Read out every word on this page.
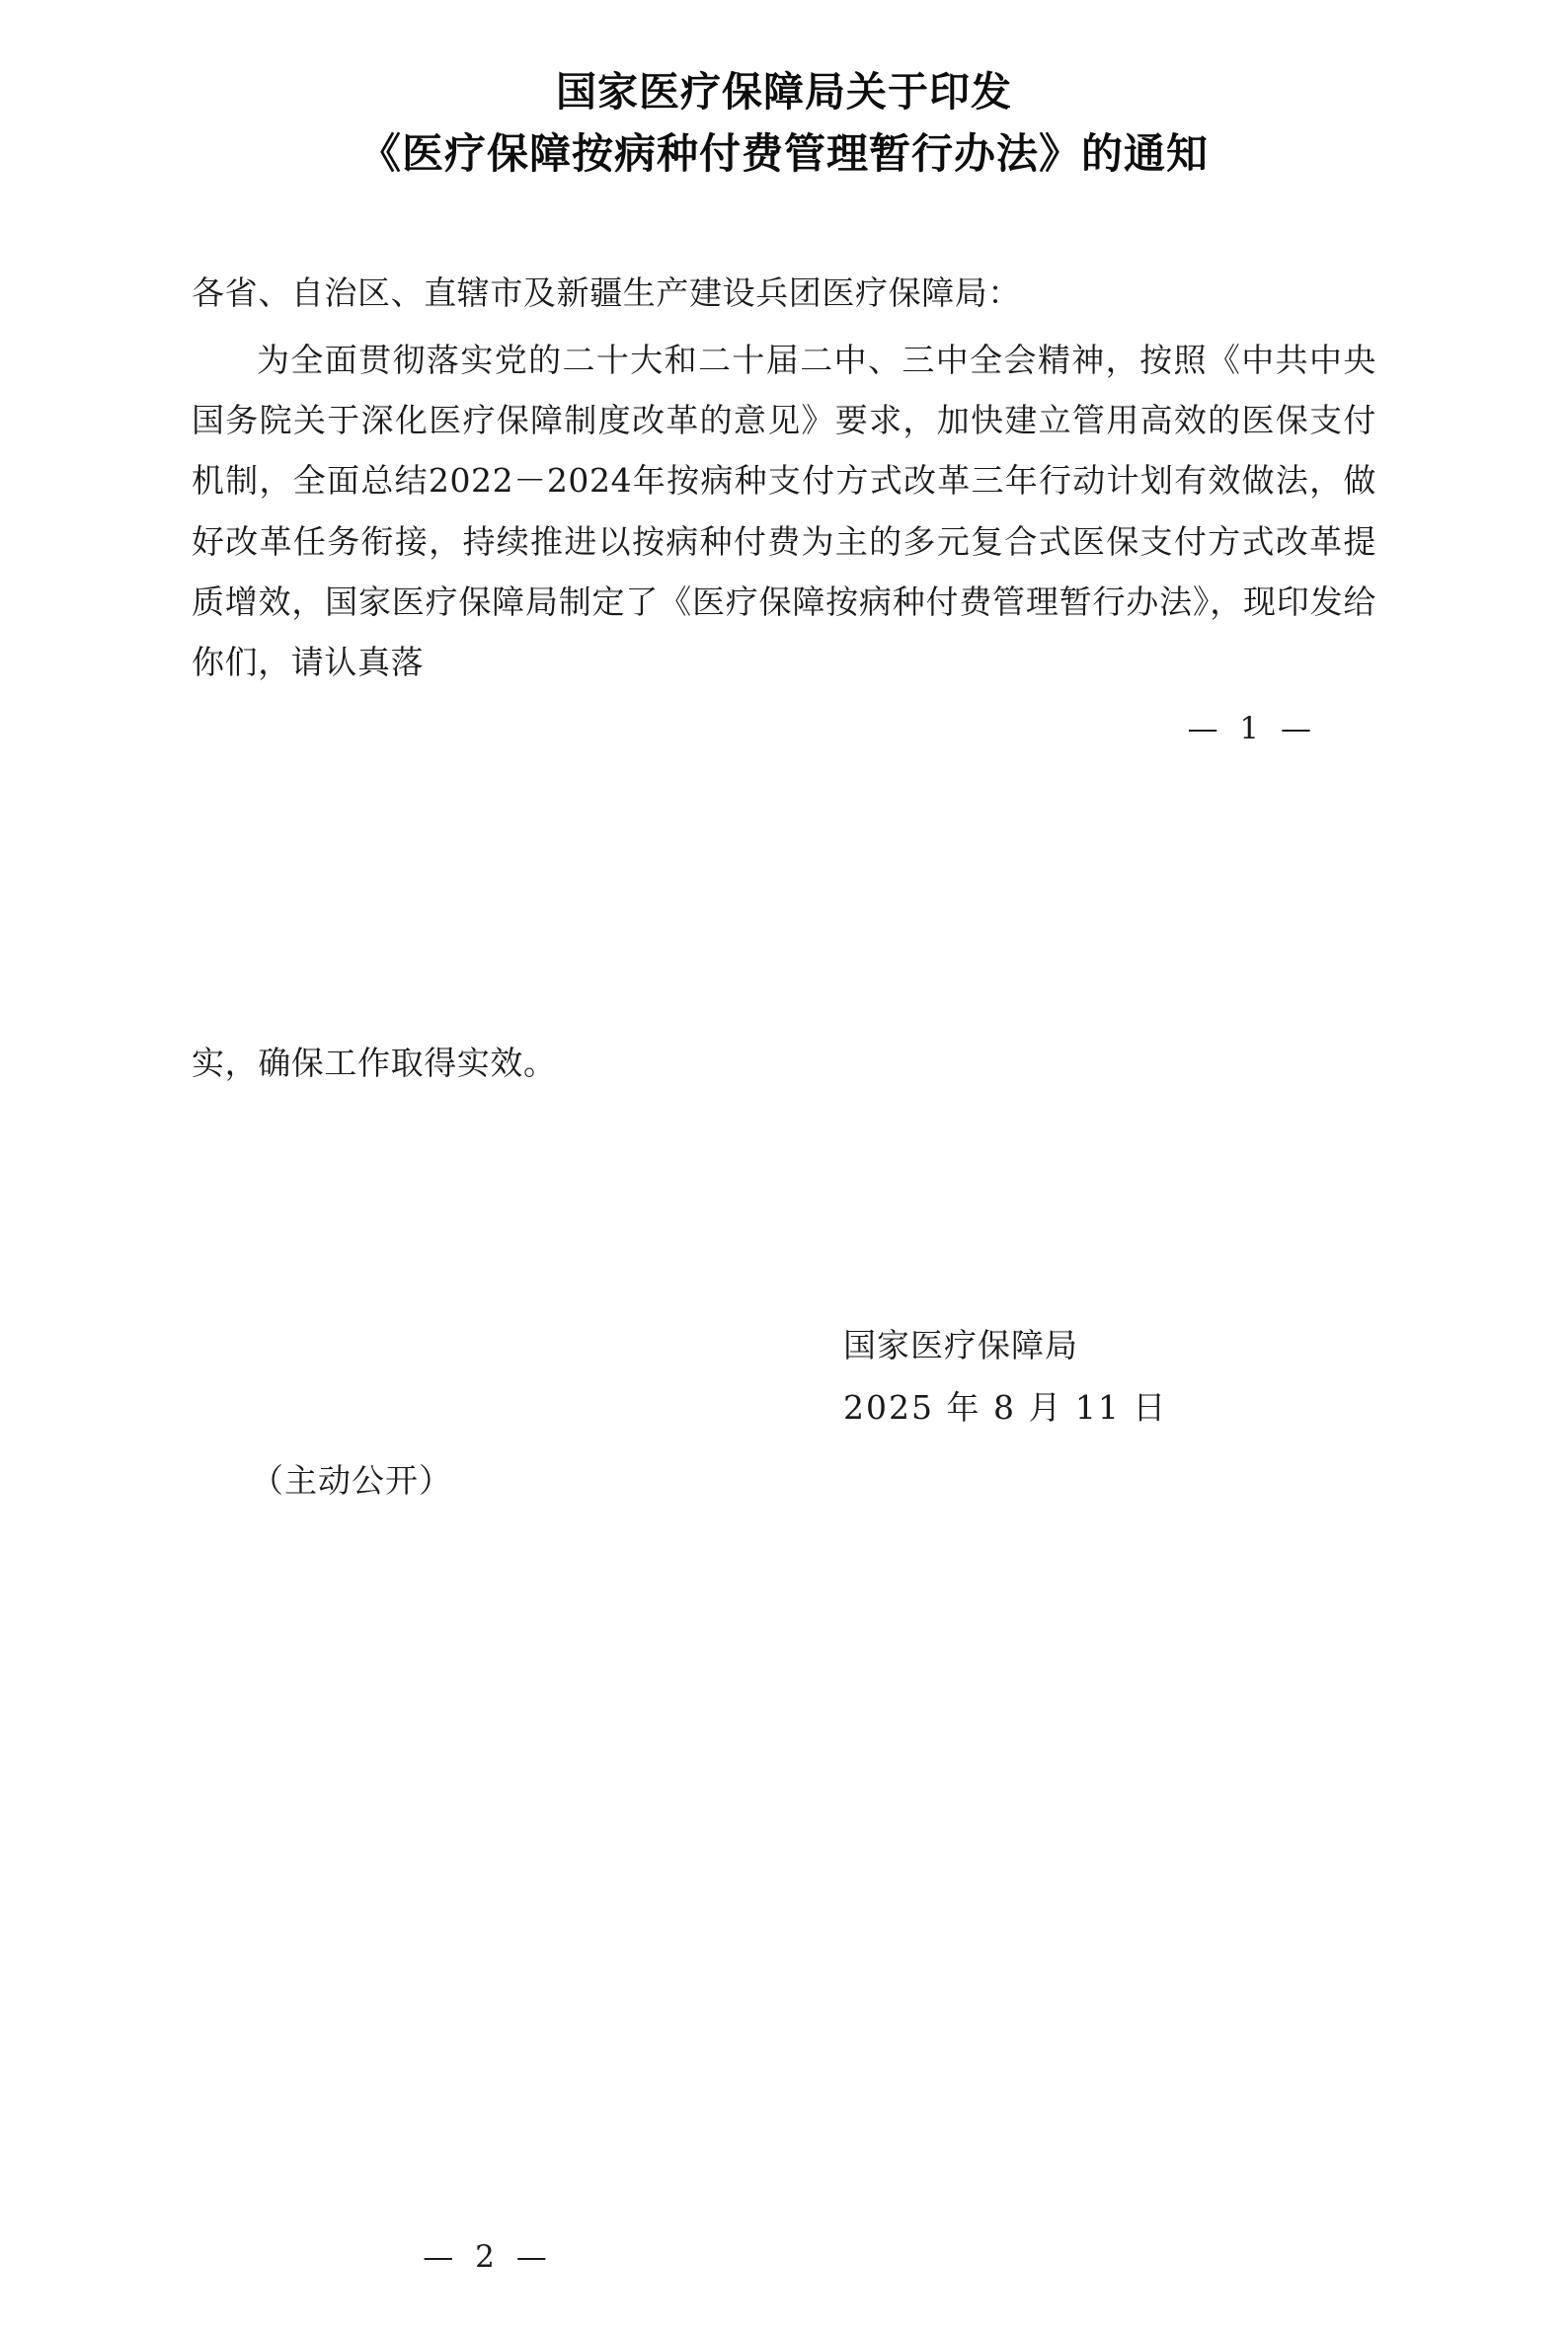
国家医疗保障局关于印发
《医疗保障按病种付费管理暂行办法》的通知

各省、自治区、直辖市及新疆生产建设兵团医疗保障局：

为全面贯彻落实党的二十大和二十届二中、三中全会精神，按照《中共中央 国务院关于深化医疗保障制度改革的意见》要求，加快建立管用高效的医保支付机制，全面总结2022－2024年按病种支付方式改革三年行动计划有效做法，做好改革任务衔接，持续推进以按病种付费为主的多元复合式医保支付方式改革提质增效，国家医疗保障局制定了《医疗保障按病种付费管理暂行办法》，现印发给你们，请认真落

— 1 —

实，确保工作取得实效。

国家医疗保障局
2025 年 8 月 11 日
（主动公开）
— 2 —
